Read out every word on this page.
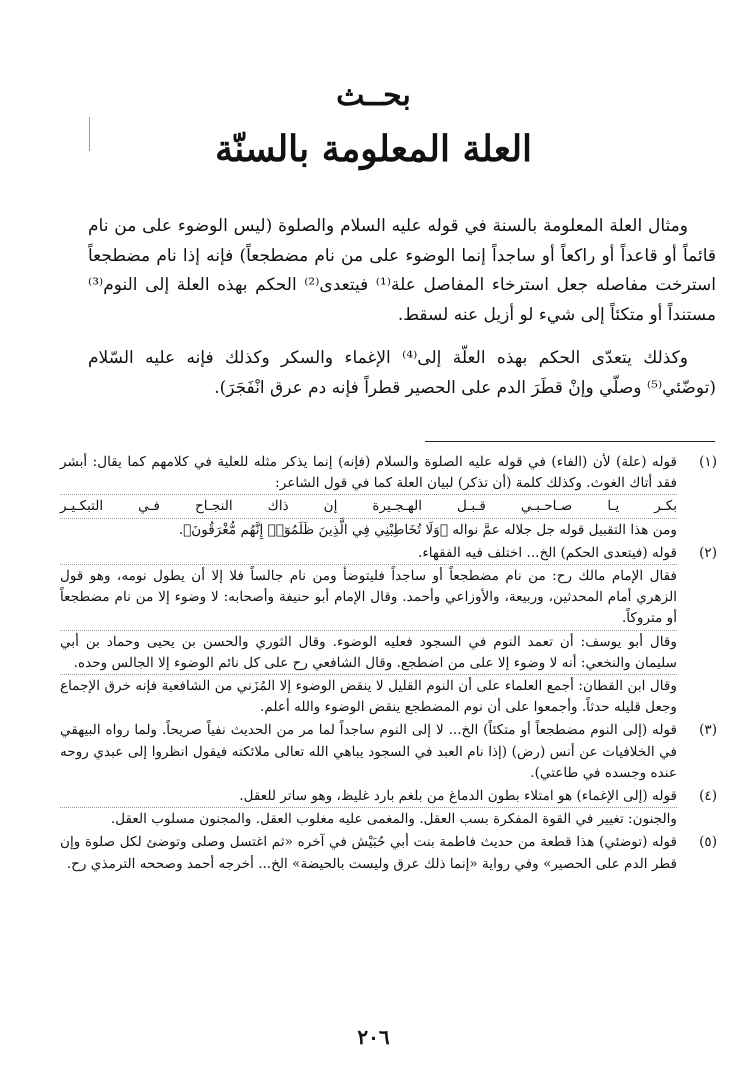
بحــث
العلة المعلومة بالسنّة

ومثال العلة المعلومة بالسنة في قوله عليه السلام والصلوة (ليس الوضوء على من نام قائماً أو قاعداً أو راكعاً أو ساجداً إنما الوضوء على من نام مضطجعاً) فإنه إذا نام مضطجعاً استرخت مفاصله جعل استرخاء المفاصل علة⁽¹⁾ فيتعدى⁽²⁾ الحكم بهذه العلة إلى النوم⁽³⁾ مستنداً أو متكئاً إلى شيء لو أزيل عنه لسقط.

وكذلك يتعدّى الحكم بهذه العلّة إلى⁽⁴⁾ الإغماء والسكر وكذلك فإنه عليه السّلام (توضّئي⁽⁵⁾ وصلّي وإنْ قطَرَ الدم على الحصير قطراً فإنه دم عرق انْفَجَرَ).

(١)
قوله (علة) لأن (الفاء) في قوله عليه الصلوة والسلام (فإنه) إنما يذكر مثله للعلية في كلامهم كما يقال: أبشر فقد أتاك الغوث. وكذلك كلمة (أن تذكر) لبيان العلة كما في قول الشاعر:
بكـر يـا صـاحـبـي قـبـل الهـجـيرة إن ذاك النجـاح فـي التبكـيـر
ومن هذا التقبيل قوله جل جلاله عمَّ نواله ﴿وَلَا تُخَاطِبْنِي فِي الَّذِينَ ظَلَمُوٓا۟ إِنَّهُم مُّغْرَقُونَ﴾.
(٢)
قوله (فيتعدى الحكم) الخ... اختلف فيه الفقهاء.
فقال الإمام مالك رح: من نام مضطجعاً أو ساجداً فليتوضأ ومن نام جالساً فلا إلا أن يطول نومه، وهو قول الزهري أمام المحدثين، وربيعة، والأوزاعي وأحمد. وقال الإمام أبو حنيفة وأصحابه: لا وضوء إلا من نام مضطجعاً أو متروكاً.
وقال أبو يوسف: أن تعمد النوم في السجود فعليه الوضوء. وقال الثوري والحسن بن يحيى وحماد بن أبي سليمان والنخعي: أنه لا وضوء إلا على من اضطجع. وقال الشافعي رح على كل نائم الوضوء إلا الجالس وحده.
وقال ابن القطان: أجمع العلماء على أن النوم القليل لا ينقض الوضوء إلا المُزَني من الشافعية فإنه خرق الإجماع وجعل قليله حدثاً. وأجمعوا على أن نوم المضطجع ينقض الوضوء والله أعلم.
(٣)
قوله (إلى النوم مضطجعاً أو متكئاً) الخ... لا إلى النوم ساجداً لما مر من الحديث نفياً صريحاً. ولما رواه البيهقي في الخلافيات عن أنس (رض) (إذا نام العبد في السجود يباهي الله تعالى ملائكته فيقول انظروا إلى عبدي روحه عنده وجسده في طاعتي).
(٤)
قوله (إلى الإغماء) هو امتلاء بطون الدماغ من بلغم بارد غليظ، وهو ساتر للعقل.
والجنون: تغيير في القوة المفكرة بسب العقل. والمغمى عليه مغلوب العقل. والمجنون مسلوب العقل.
(٥)
قوله (توضئي) هذا قطعة من حديث فاطمة بنت أبي حُبَيْش في آخره «ثم اغتسل وصلى وتوضئ لكل صلوة وإن قطر الدم على الحصير» وفي رواية «إنما ذلك عرق وليست بالحيضة» الخ... أخرجه أحمد وصححه الترمذي رح.
٢٠٦
